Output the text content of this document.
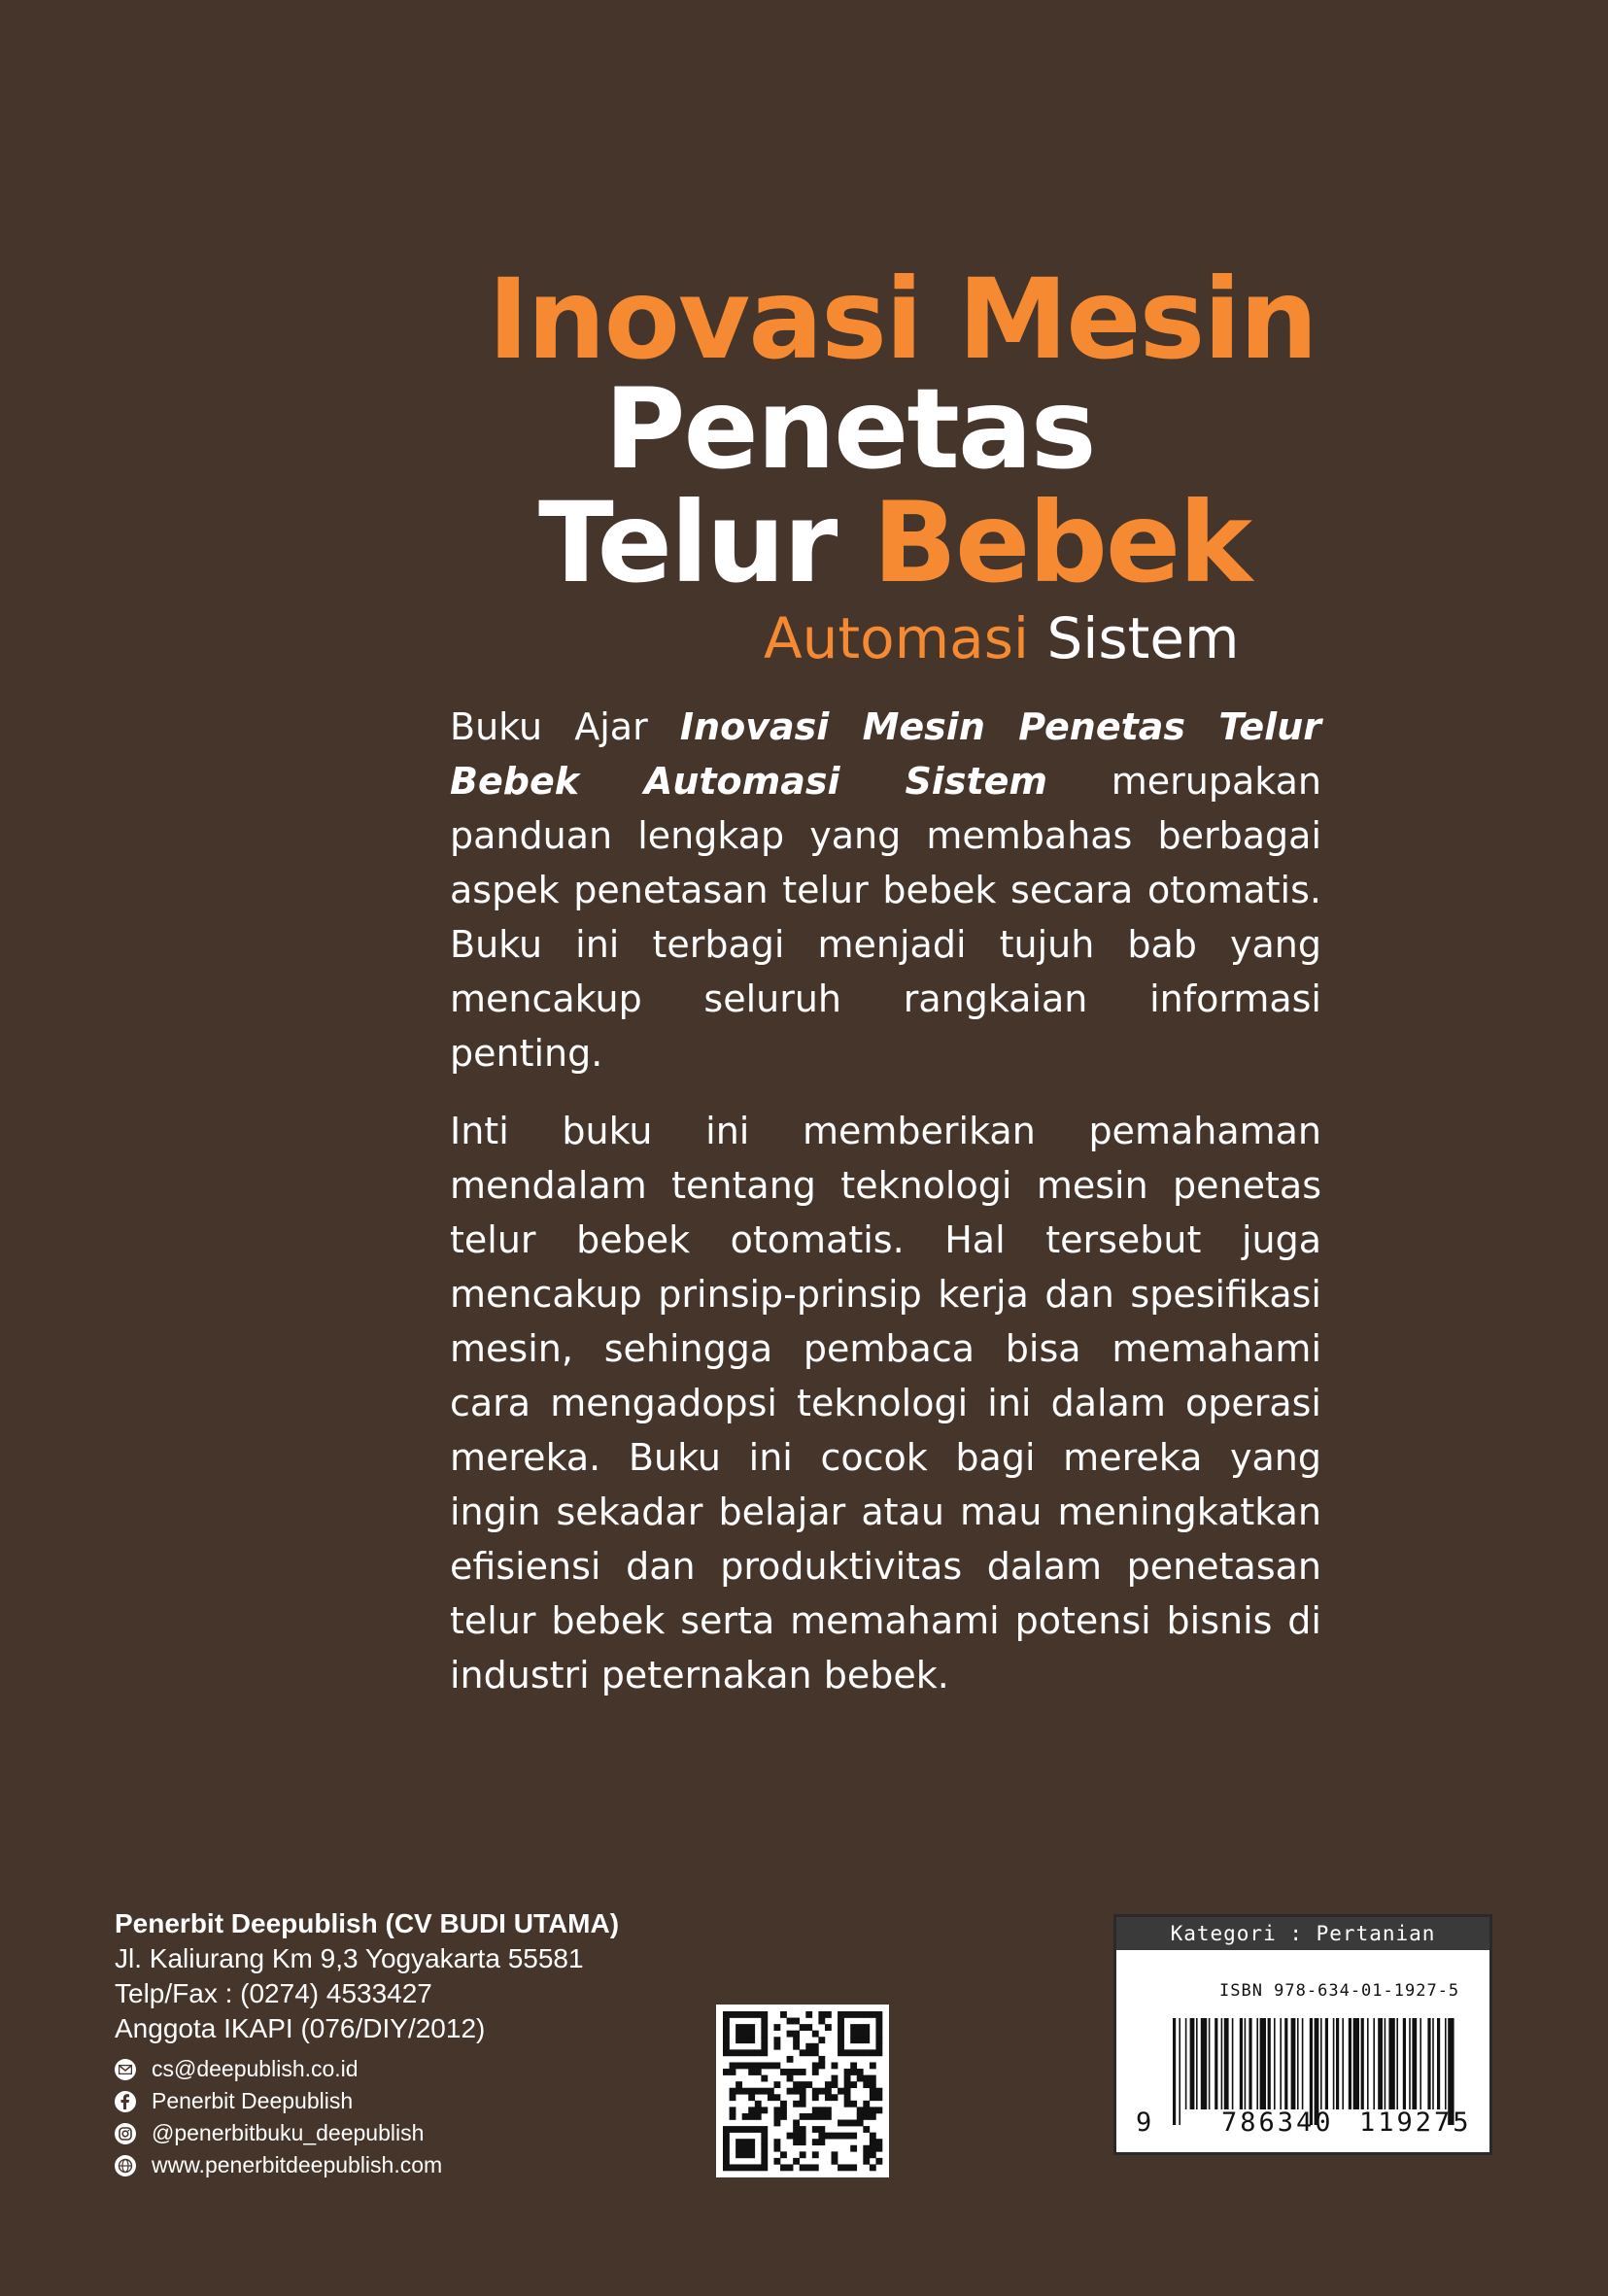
Inovasi Mesin
Penetas
Telur Bebek
Automasi Sistem

Buku Ajar Inovasi Mesin Penetas Telur Bebek Automasi Sistem merupakan panduan lengkap yang membahas berbagai aspek penetasan telur bebek secara otomatis. Buku ini terbagi menjadi tujuh bab yang mencakup seluruh rangkaian informasi penting.

Inti buku ini memberikan pemahaman mendalam tentang teknologi mesin penetas telur bebek otomatis. Hal tersebut juga mencakup prinsip-prinsip kerja dan spesifikasi mesin, sehingga pembaca bisa memahami cara mengadopsi teknologi ini dalam operasi mereka. Buku ini cocok bagi mereka yang ingin sekadar belajar atau mau meningkatkan efisiensi dan produktivitas dalam penetasan telur bebek serta memahami potensi bisnis di industri peternakan bebek.

Penerbit Deepublish (CV BUDI UTAMA)
Jl. Kaliurang Km 9,3 Yogyakarta 55581
Telp/Fax : (0274) 4533427
Anggota IKAPI (076/DIY/2012)
cs@deepublish.co.id
Penerbit Deepublish
@penerbitbuku_deepublish
www.penerbitdeepublish.com
Kategori : Pertanian
ISBN 978-634-01-1927-5
9	786340 119275
